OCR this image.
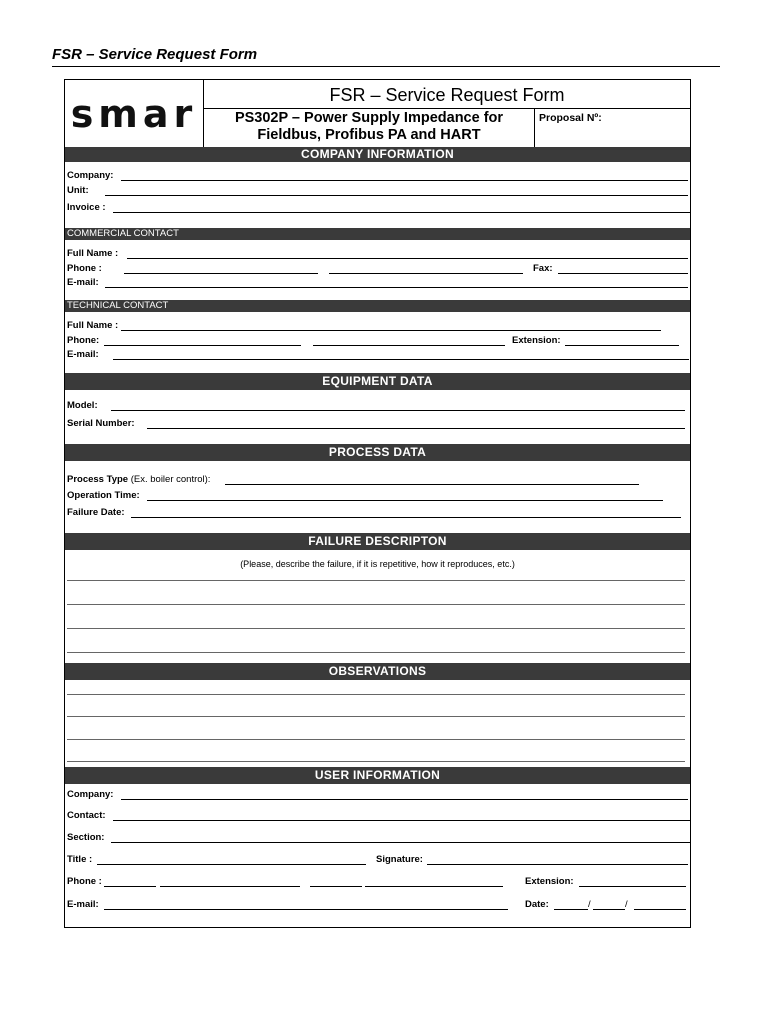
FSR – Service Request Form
smar	FSR – Service Request Form
PS302P – Power Supply Impedance for
Fieldbus, Profibus PA and HART
Proposal Nº:
COMPANY INFORMATION
Company:
Unit:
Invoice :
COMMERCIAL CONTACT
Full Name :
Phone :	Fax:
E-mail:
TECHNICAL CONTACT
Full Name :
Phone:	Extension:
E-mail:
EQUIPMENT DATA
Model:
Serial Number:
PROCESS DATA
Process Type (Ex. boiler control):
Operation Time:
Failure Date:
FAILURE DESCRIPTON
(Please, describe the failure, if it is repetitive, how it reproduces, etc.)
OBSERVATIONS
USER INFORMATION
Company:
Contact:
Section:
Title :	Signature:
Phone :	Extension:
E-mail:	Date:	/	/
